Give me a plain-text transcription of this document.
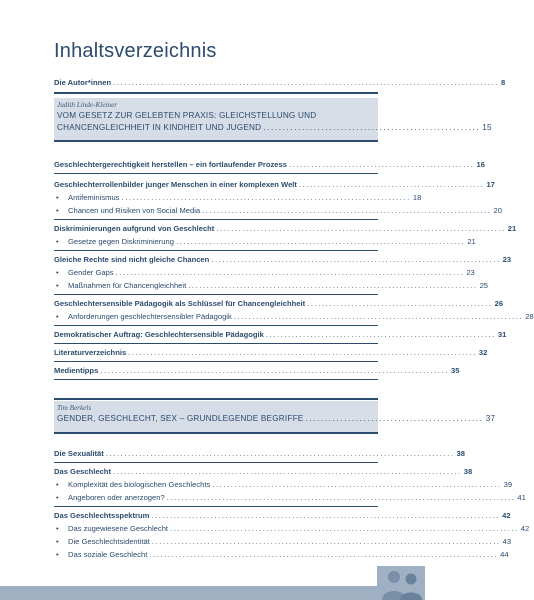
Inhaltsverzeichnis
Die Autor*innen ........................................................................................................ 8
Judith Linde-Kleiner
VOM GESETZ ZUR GELEBTEN PRAXIS: GLEICHSTELLUNG UND
CHANCENGLEICHHEIT IN KINDHEIT UND JUGEND ........................................................ 15
Geschlechtergerechtigkeit herstellen – ein fortlaufender Prozess .................................................. 16
Geschlechterrollenbilder junger Menschen in einer komplexen Welt .................................................. 17
•	Antifeminismus .............................................................................. 18
•	Chancen und Risiken von Social Media .............................................................................. 20
Diskriminierungen aufgrund von Geschlecht .............................................................................. 21
•	Gesetze gegen Diskriminierung .............................................................................. 21
Gleiche Rechte sind nicht gleiche Chancen .............................................................................. 23
•	Gender Gaps .............................................................................................. 23
•	Maßnahmen für Chancengleichheit .............................................................................. 25
Geschlechtersensible Pädagogik als Schlüssel für Chancengleichheit .................................................. 26
•	Anforderungen geschlechtersensibler Pädagogik .............................................................................. 28
Demokratischer Auftrag: Geschlechtersensible Pädagogik .............................................................. 31
Literaturverzeichnis .............................................................................................. 32
Medientipps .............................................................................................. 35
Tim Berkels
GENDER, GESCHLECHT, SEX – GRUNDLEGENDE BEGRIFFE .............................................. 37
Die Sexualität .............................................................................................. 38
Das Geschlecht .............................................................................................. 38
•	Komplexität des biologischen Geschlechts .............................................................................. 39
•	Angeboren oder anerzogen? .............................................................................................. 41
Das Geschlechtsspektrum .............................................................................................. 42
•	Das zugewiesene Geschlecht .............................................................................................. 42
•	Die Geschlechtsidentität .............................................................................................. 43
•	Das soziale Geschlecht .............................................................................................. 44
